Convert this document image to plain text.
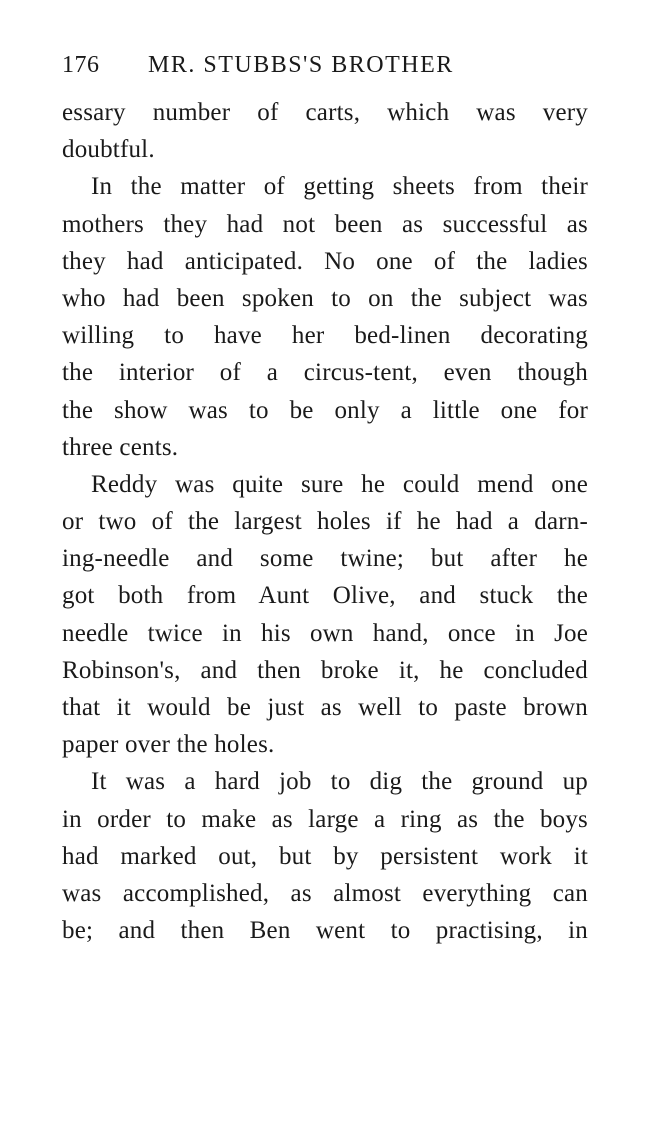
176	MR. STUBBS'S BROTHER
essary number of carts, which was very
doubtful.
In the matter of getting sheets from their
mothers they had not been as successful as
they had anticipated. No one of the ladies
who had been spoken to on the subject was
willing to have her bed-linen decorating
the interior of a circus-tent, even though
the show was to be only a little one for
three cents.
Reddy was quite sure he could mend one
or two of the largest holes if he had a darn-
ing-needle and some twine; but after he
got both from Aunt Olive, and stuck the
needle twice in his own hand, once in Joe
Robinson's, and then broke it, he concluded
that it would be just as well to paste brown
paper over the holes.
It was a hard job to dig the ground up
in order to make as large a ring as the boys
had marked out, but by persistent work it
was accomplished, as almost everything can
be; and then Ben went to practising, in
